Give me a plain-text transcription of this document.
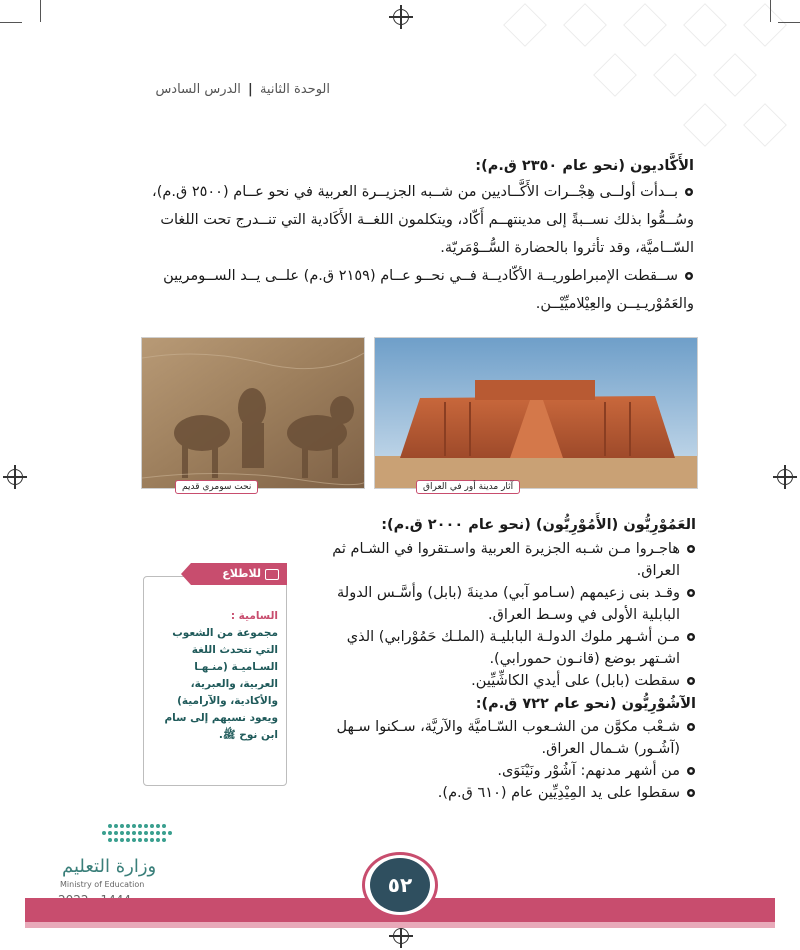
الوحدة الثانية | الدرس السادس
الأَكَّاديون (نحو عام ٢٣٥٠ ق.م):
بــدأت أولــى هِجْــرات الأَكَّــاديين من شــبه الجزيــرة العربية في نحو عــام (٢٥٠٠ ق.م)،
وسُــمُّوا بذلك نســبةً إلى مدينتهــم أَكّاد، ويتكلمون اللغــة الأَكَادية التي تنــدرج تحت اللغات
السّــاميَّة، وقد تأثروا بالحضارة السُّــوْمَريّة.
ســقطت الإمبراطوريــة الأكّاديــة فــي نحــو عــام (٢١٥٩ ق.م) علــى يــد الســومريين
والعَمُوْريـيــن والعِيْلاميِّيْــن.
نحت سومري قديم	آثار مدينة أور في العراق
العَمُوْرِيُّون (الأَمُوْرِيُّون) (نحو عام ٢٠٠٠ ق.م):
هاجـروا مـن شـبه الجزيرة العربية واسـتقروا في الشـام ثم
العراق.
وقـد بنى زعيمهم (سـامو آبي) مدينةَ (بابل) وأسَّـس الدولة
البابلية الأولى في وسـط العراق.
مـن أشـهر ملوك الدولـة البابليـة (الملـك حَمُوْرابي) الذي
اشـتهر بوضع (قانـون حمورابي).
سقطت (بابل) على أيدي الكاشِّيِّين.
الآشُوْرِيُّون (نحو عام ٧٢٢ ق.م):
شـعْب مكوَّن من الشـعوب السّـاميَّة والآريَّة، سـكنوا سـهل
(آشُـور) شـمال العراق.
من أشهر مدنهم: آشُوْر ونَيْنَوَى.
سقطوا على يد المِيْدِيِّين عام (٦١٠ ق.م).
للاطلاع
السامية :
مجموعة من الشعوب
التي تتحدث اللغة
السـاميـة (منـهـا
العربية، والعبرية،
والأكادية، والآرامية)
ويعود نسبهم إلى سام
ابن نوح ﷺ.
وزارة التعليم
Ministry of Education	٥٢
